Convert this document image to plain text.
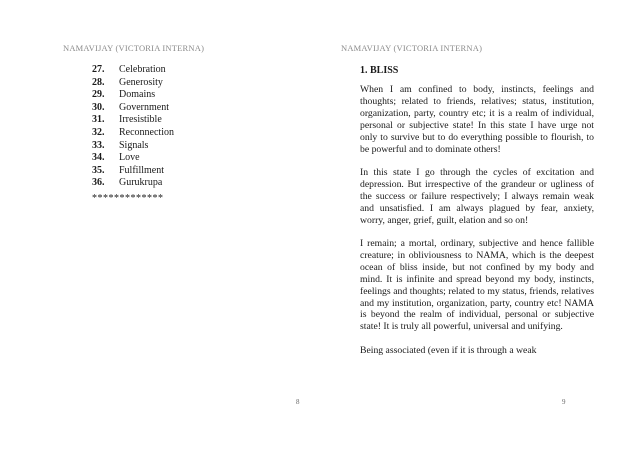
NAMAVIJAY (VICTORIA INTERNA)
27.	Celebration
28.	Generosity
29.	Domains
30.	Government
31.	Irresistible
32.	Reconnection
33.	Signals
34.	Love
35.	Fulfillment
36.	Gurukrupa
*************
8
NAMAVIJAY (VICTORIA INTERNA)
1. BLISS

When I am confined to body, instincts, feelings and thoughts; related to friends, relatives; status, institution, organization, party, country etc; it is a realm of individual, personal or subjective state! In this state I have urge not only to survive but to do everything possible to flourish, to be powerful and to dominate others!

In this state I go through the cycles of excitation and depression. But irrespective of the grandeur or ugliness of the success or failure respectively; I always remain weak and unsatisfied. I am always plagued by fear, anxiety, worry, anger, grief, guilt, elation and so on!

I remain; a mortal, ordinary, subjective and hence fallible creature; in obliviousness to NAMA, which is the deepest ocean of bliss inside, but not confined by my body and mind. It is infinite and spread beyond my body, instincts, feelings and thoughts; related to my status, friends, relatives and my institution, organization, party, country etc! NAMA is beyond the realm of individual, personal or subjective state! It is truly all powerful, universal and unifying.

Being associated (even if it is through a weak

9
